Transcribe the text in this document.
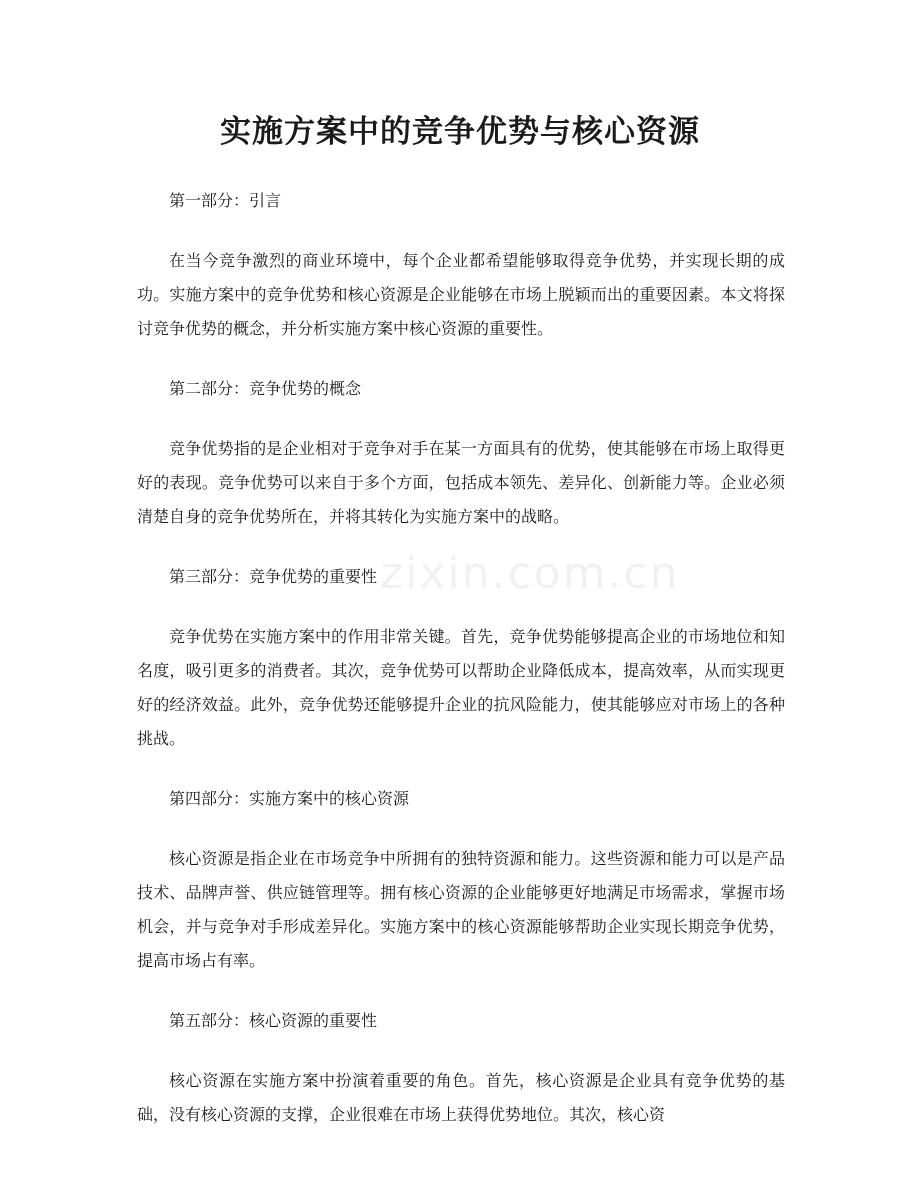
实施方案中的竞争优势与核心资源
zixin.com.cn

第一部分：引言

在当今竞争激烈的商业环境中，每个企业都希望能够取得竞争优势，并实现长期的成功。实施方案中的竞争优势和核心资源是企业能够在市场上脱颖而出的重要因素。本文将探讨竞争优势的概念，并分析实施方案中核心资源的重要性。

第二部分：竞争优势的概念

竞争优势指的是企业相对于竞争对手在某一方面具有的优势，使其能够在市场上取得更好的表现。竞争优势可以来自于多个方面，包括成本领先、差异化、创新能力等。企业必须清楚自身的竞争优势所在，并将其转化为实施方案中的战略。

第三部分：竞争优势的重要性

竞争优势在实施方案中的作用非常关键。首先，竞争优势能够提高企业的市场地位和知名度，吸引更多的消费者。其次，竞争优势可以帮助企业降低成本，提高效率，从而实现更好的经济效益。此外，竞争优势还能够提升企业的抗风险能力，使其能够应对市场上的各种挑战。

第四部分：实施方案中的核心资源

核心资源是指企业在市场竞争中所拥有的独特资源和能力。这些资源和能力可以是产品技术、品牌声誉、供应链管理等。拥有核心资源的企业能够更好地满足市场需求，掌握市场机会，并与竞争对手形成差异化。实施方案中的核心资源能够帮助企业实现长期竞争优势，提高市场占有率。

第五部分：核心资源的重要性

核心资源在实施方案中扮演着重要的角色。首先，核心资源是企业具有竞争优势的基础，没有核心资源的支撑，企业很难在市场上获得优势地位。其次，核心资
